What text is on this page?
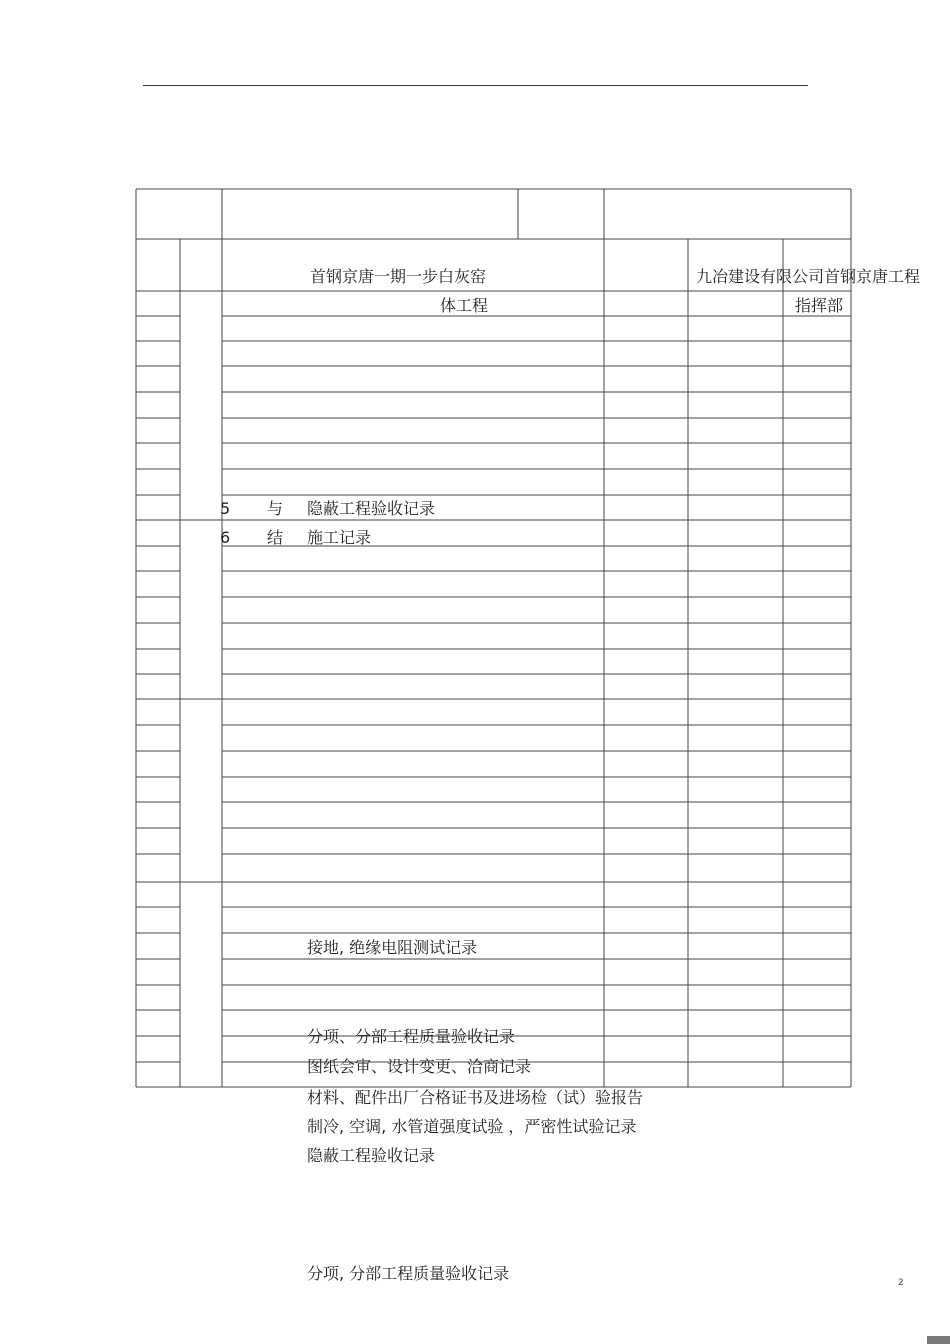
首钢京唐一期一步白灰窑
体工程
九冶建设有限公司首钢京唐工程
指挥部
5 与 隐蔽工程验收记录
6 结 施工记录
接地, 绝缘电阻测试记录
分项、分部工程质量验收记录
图纸会审、设计变更、洽商记录
材料、配件出厂合格证书及进场检（试）验报告
制冷, 空调, 水管道强度试验 ，严密性试验记录
隐蔽工程验收记录
分项, 分部工程质量验收记录	2
